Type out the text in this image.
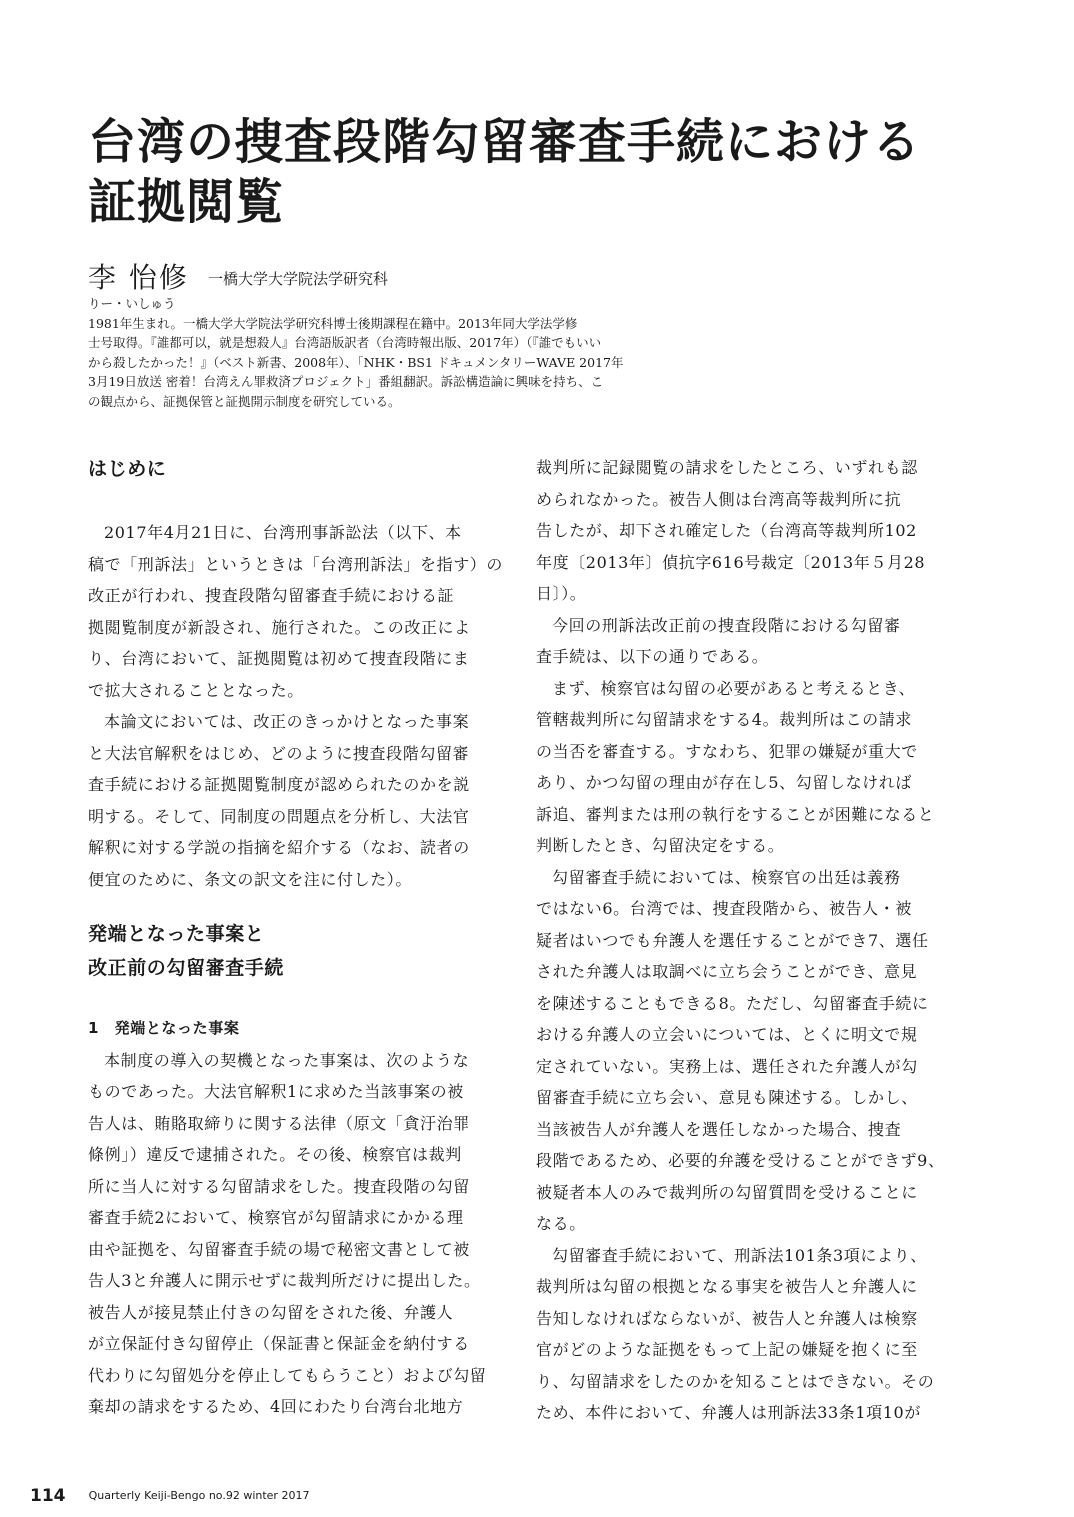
台湾の捜査段階勾留審査手続における
証拠閲覧
李 怡修 一橋大学大学院法学研究科
りー・いしゅう
1981年生まれ。一橋大学大学院法学研究科博士後期課程在籍中。2013年同大学法学修
士号取得。『誰都可以，就是想殺人』台湾語版訳者（台湾時報出版、2017年）（『誰でもいい
から殺したかった！』（ベスト新書、2008年）、「NHK・BS1 ドキュメンタリーWAVE 2017年
3月19日放送 密着！台湾えん罪救済プロジェクト」番組翻訳。訴訟構造論に興味を持ち、こ
の観点から、証拠保管と証拠開示制度を研究している。
はじめに
2017年4月21日に、台湾刑事訴訟法（以下、本
稿で「刑訴法」というときは「台湾刑訴法」を指す）の
改正が行われ、捜査段階勾留審査手続における証
拠閲覧制度が新設され、施行された。この改正によ
り、台湾において、証拠閲覧は初めて捜査段階にま
で拡大されることとなった。
本論文においては、改正のきっかけとなった事案
と大法官解釈をはじめ、どのように捜査段階勾留審
査手続における証拠閲覧制度が認められたのかを説
明する。そして、同制度の問題点を分析し、大法官
解釈に対する学説の指摘を紹介する（なお、読者の
便宜のために、条文の訳文を注に付した）。
発端となった事案と
改正前の勾留審査手続
1　発端となった事案
本制度の導入の契機となった事案は、次のような
ものであった。大法官解釈1に求めた当該事案の被
告人は、賄賂取締りに関する法律（原文「貪汙治罪
條例」）違反で逮捕された。その後、検察官は裁判
所に当人に対する勾留請求をした。捜査段階の勾留
審査手続2において、検察官が勾留請求にかかる理
由や証拠を、勾留審査手続の場で秘密文書として被
告人3と弁護人に開示せずに裁判所だけに提出した。
被告人が接見禁止付きの勾留をされた後、弁護人
が立保証付き勾留停止（保証書と保証金を納付する
代わりに勾留処分を停止してもらうこと）および勾留
棄却の請求をするため、4回にわたり台湾台北地方
裁判所に記録閲覧の請求をしたところ、いずれも認
められなかった。被告人側は台湾高等裁判所に抗
告したが、却下され確定した（台湾高等裁判所102
年度〔2013年〕偵抗字616号裁定〔2013年５月28
日〕）。
今回の刑訴法改正前の捜査段階における勾留審
査手続は、以下の通りである。
まず、検察官は勾留の必要があると考えるとき、
管轄裁判所に勾留請求をする4。裁判所はこの請求
の当否を審査する。すなわち、犯罪の嫌疑が重大で
あり、かつ勾留の理由が存在し5、勾留しなければ
訴追、審判または刑の執行をすることが困難になると
判断したとき、勾留決定をする。
勾留審査手続においては、検察官の出廷は義務
ではない6。台湾では、捜査段階から、被告人・被
疑者はいつでも弁護人を選任することができ7、選任
された弁護人は取調べに立ち会うことができ、意見
を陳述することもできる8。ただし、勾留審査手続に
おける弁護人の立会いについては、とくに明文で規
定されていない。実務上は、選任された弁護人が勾
留審査手続に立ち会い、意見も陳述する。しかし、
当該被告人が弁護人を選任しなかった場合、捜査
段階であるため、必要的弁護を受けることができず9、
被疑者本人のみで裁判所の勾留質問を受けることに
なる。
勾留審査手続において、刑訴法101条3項により、
裁判所は勾留の根拠となる事実を被告人と弁護人に
告知しなければならないが、被告人と弁護人は検察
官がどのような証拠をもって上記の嫌疑を抱くに至
り、勾留請求をしたのかを知ることはできない。その
ため、本件において、弁護人は刑訴法33条1項10が
114 Quarterly Keiji-Bengo no.92 winter 2017
